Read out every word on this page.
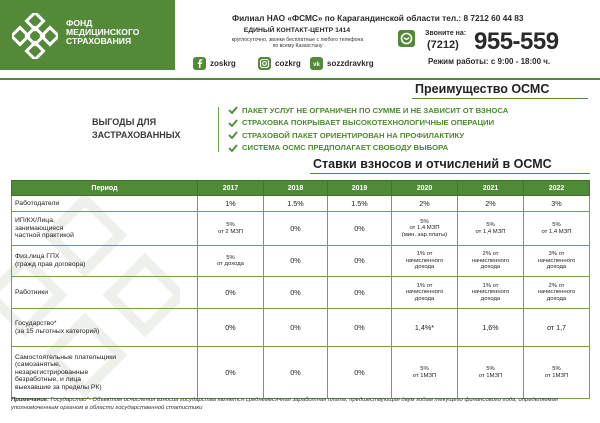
ФОНД
МЕДИЦИНСКОГО
СТРАХОВАНИЯ
Филиал НАО «ФСМС» по Карагандинской области тел.: 8 7212 60 44 83
ЕДИНЫЙ КОНТАКТ-ЦЕНТР 1414
круглосуточно, звонки бесплатные с любого телефона
по всему Казахстану
Звоните на:
(7212) 955-559
Режим работы: с 9:00 - 18:00 ч.
zoskrg	cozkrg vk sozzdravkrg
Преимущество ОСМС
ВЫГОДЫ ДЛЯ
ЗАСТРАХОВАННЫХ
ПАКЕТ УСЛУГ НЕ ОГРАНИЧЕН ПО СУММЕ И НЕ ЗАВИСИТ ОТ ВЗНОСА
СТРАХОВКА ПОКРЫВАЕТ ВЫСОКОТЕХНОЛОГИЧНЫЕ ОПЕРАЦИИ
СТРАХОВОЙ ПАКЕТ ОРИЕНТИРОВАН НА ПРОФИЛАКТИКУ
СИСТЕМА ОСМС ПРЕДПОЛАГАЕТ СВОБОДУ ВЫБОРА
Ставки взносов и отчислений в ОСМС
Период	2017	2018	2019	2020	2021	2022
Работодатели	1%	1.5%	1.5%	2%	2%	3%
ИП/КХ/Лица,
занимающиеся
частной практикой	5%
от 2 МЗП	0%	0%	5%
от 1,4 МЗП
(мин. зар.платы)	5%
от 1,4 МЗП	5%
от 1,4 МЗП
Физ.лица ГПХ
(гражд прав договора)	5%
от дохода	0%	0%	1% от
начисленного
дохода	2% от
начисленного
дохода	3% от
начисленного
дохода
Работники	0%	0%	0%	1% от
начисленного
дохода	1% от
начисленного
дохода	2% от
начисленного
дохода
Государство*
(за 15 льготных категорий)	0%	0%	0%	1,4%*	1,6%	от 1,7
Самостоятельные плательщики
(самозанятые,
незарегистрированные
безработные, и лица
выехавшие за пределы РК)	0%	0%	0%	5%
от 1МЗП	5%
от 1МЗП	5%
от 1МЗП
Примечание: Государство*- Объектом исчисления взносов государства является среднемесячная заработная плата, предшествующая двум годам текущего финансового года, определяемая уполномоченным органом в области государственной статистики
